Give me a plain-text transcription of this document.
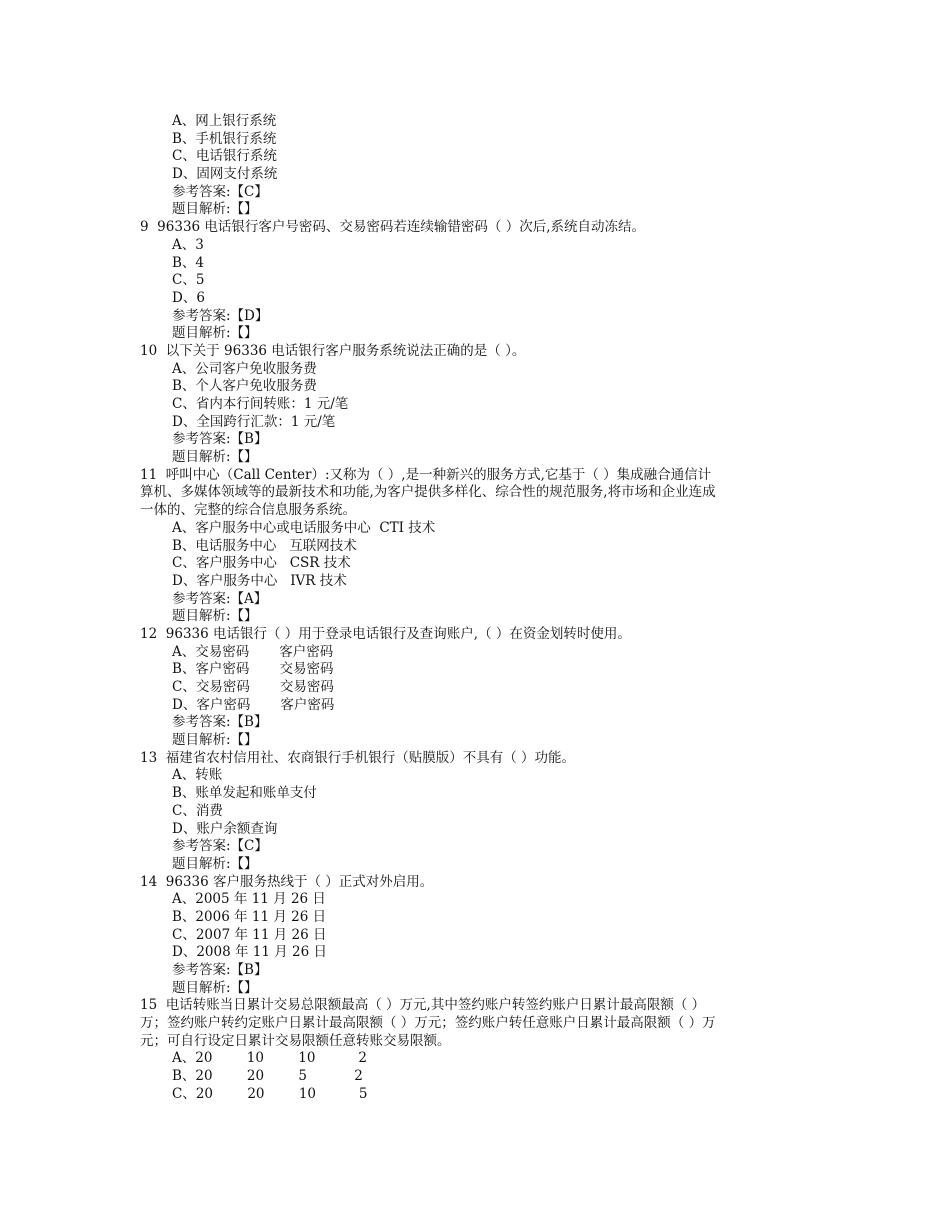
A、网上银行系统
B、手机银行系统
C、电话银行系统
D、固网支付系统
参考答案:【C】
题目解析:【】
9  96336 电话银行客户号密码、交易密码若连续输错密码（ ）次后,系统自动冻结。
A、3
B、4
C、5
D、6
参考答案:【D】
题目解析:【】
10  以下关于 96336 电话银行客户服务系统说法正确的是（ ）。
A、公司客户免收服务费
B、个人客户免收服务费
C、省内本行间转账：1 元/笔
D、全国跨行汇款：1 元/笔
参考答案:【B】
题目解析:【】
11  呼叫中心（Call Center）:又称为（ ）,是一种新兴的服务方式,它基于（ ）集成融合通信计
算机、多媒体领域等的最新技术和功能,为客户提供多样化、综合性的规范服务,将市场和企业连成
一体的、完整的综合信息服务系统。
A、客户服务中心或电话服务中心  CTI 技术
B、电话服务中心   互联网技术
C、客户服务中心   CSR 技术
D、客户服务中心   IVR 技术
参考答案:【A】
题目解析:【】
12  96336 电话银行（ ）用于登录电话银行及查询账户,（ ）在资金划转时使用。
A、交易密码       客户密码
B、客户密码       交易密码
C、交易密码       交易密码
D、客户密码       客户密码
参考答案:【B】
题目解析:【】
13  福建省农村信用社、农商银行手机银行（贴膜版）不具有（ ）功能。
A、转账
B、账单发起和账单支付
C、消费
D、账户余额查询
参考答案:【C】
题目解析:【】
14  96336 客户服务热线于（ ）正式对外启用。
A、2005 年 11 月 26 日
B、2006 年 11 月 26 日
C、2007 年 11 月 26 日
D、2008 年 11 月 26 日
参考答案:【B】
题目解析:【】
15  电话转账当日累计交易总限额最高（ ）万元,其中签约账户转签约账户日累计最高限额（ ）
万；签约账户转约定账户日累计最高限额（ ）万元；签约账户转任意账户日累计最高限额（ ）万
元；可自行设定日累计交易限额任意转账交易限额。
A、20        10        10          2
B、20        20        5           2
C、20        20        10          5
